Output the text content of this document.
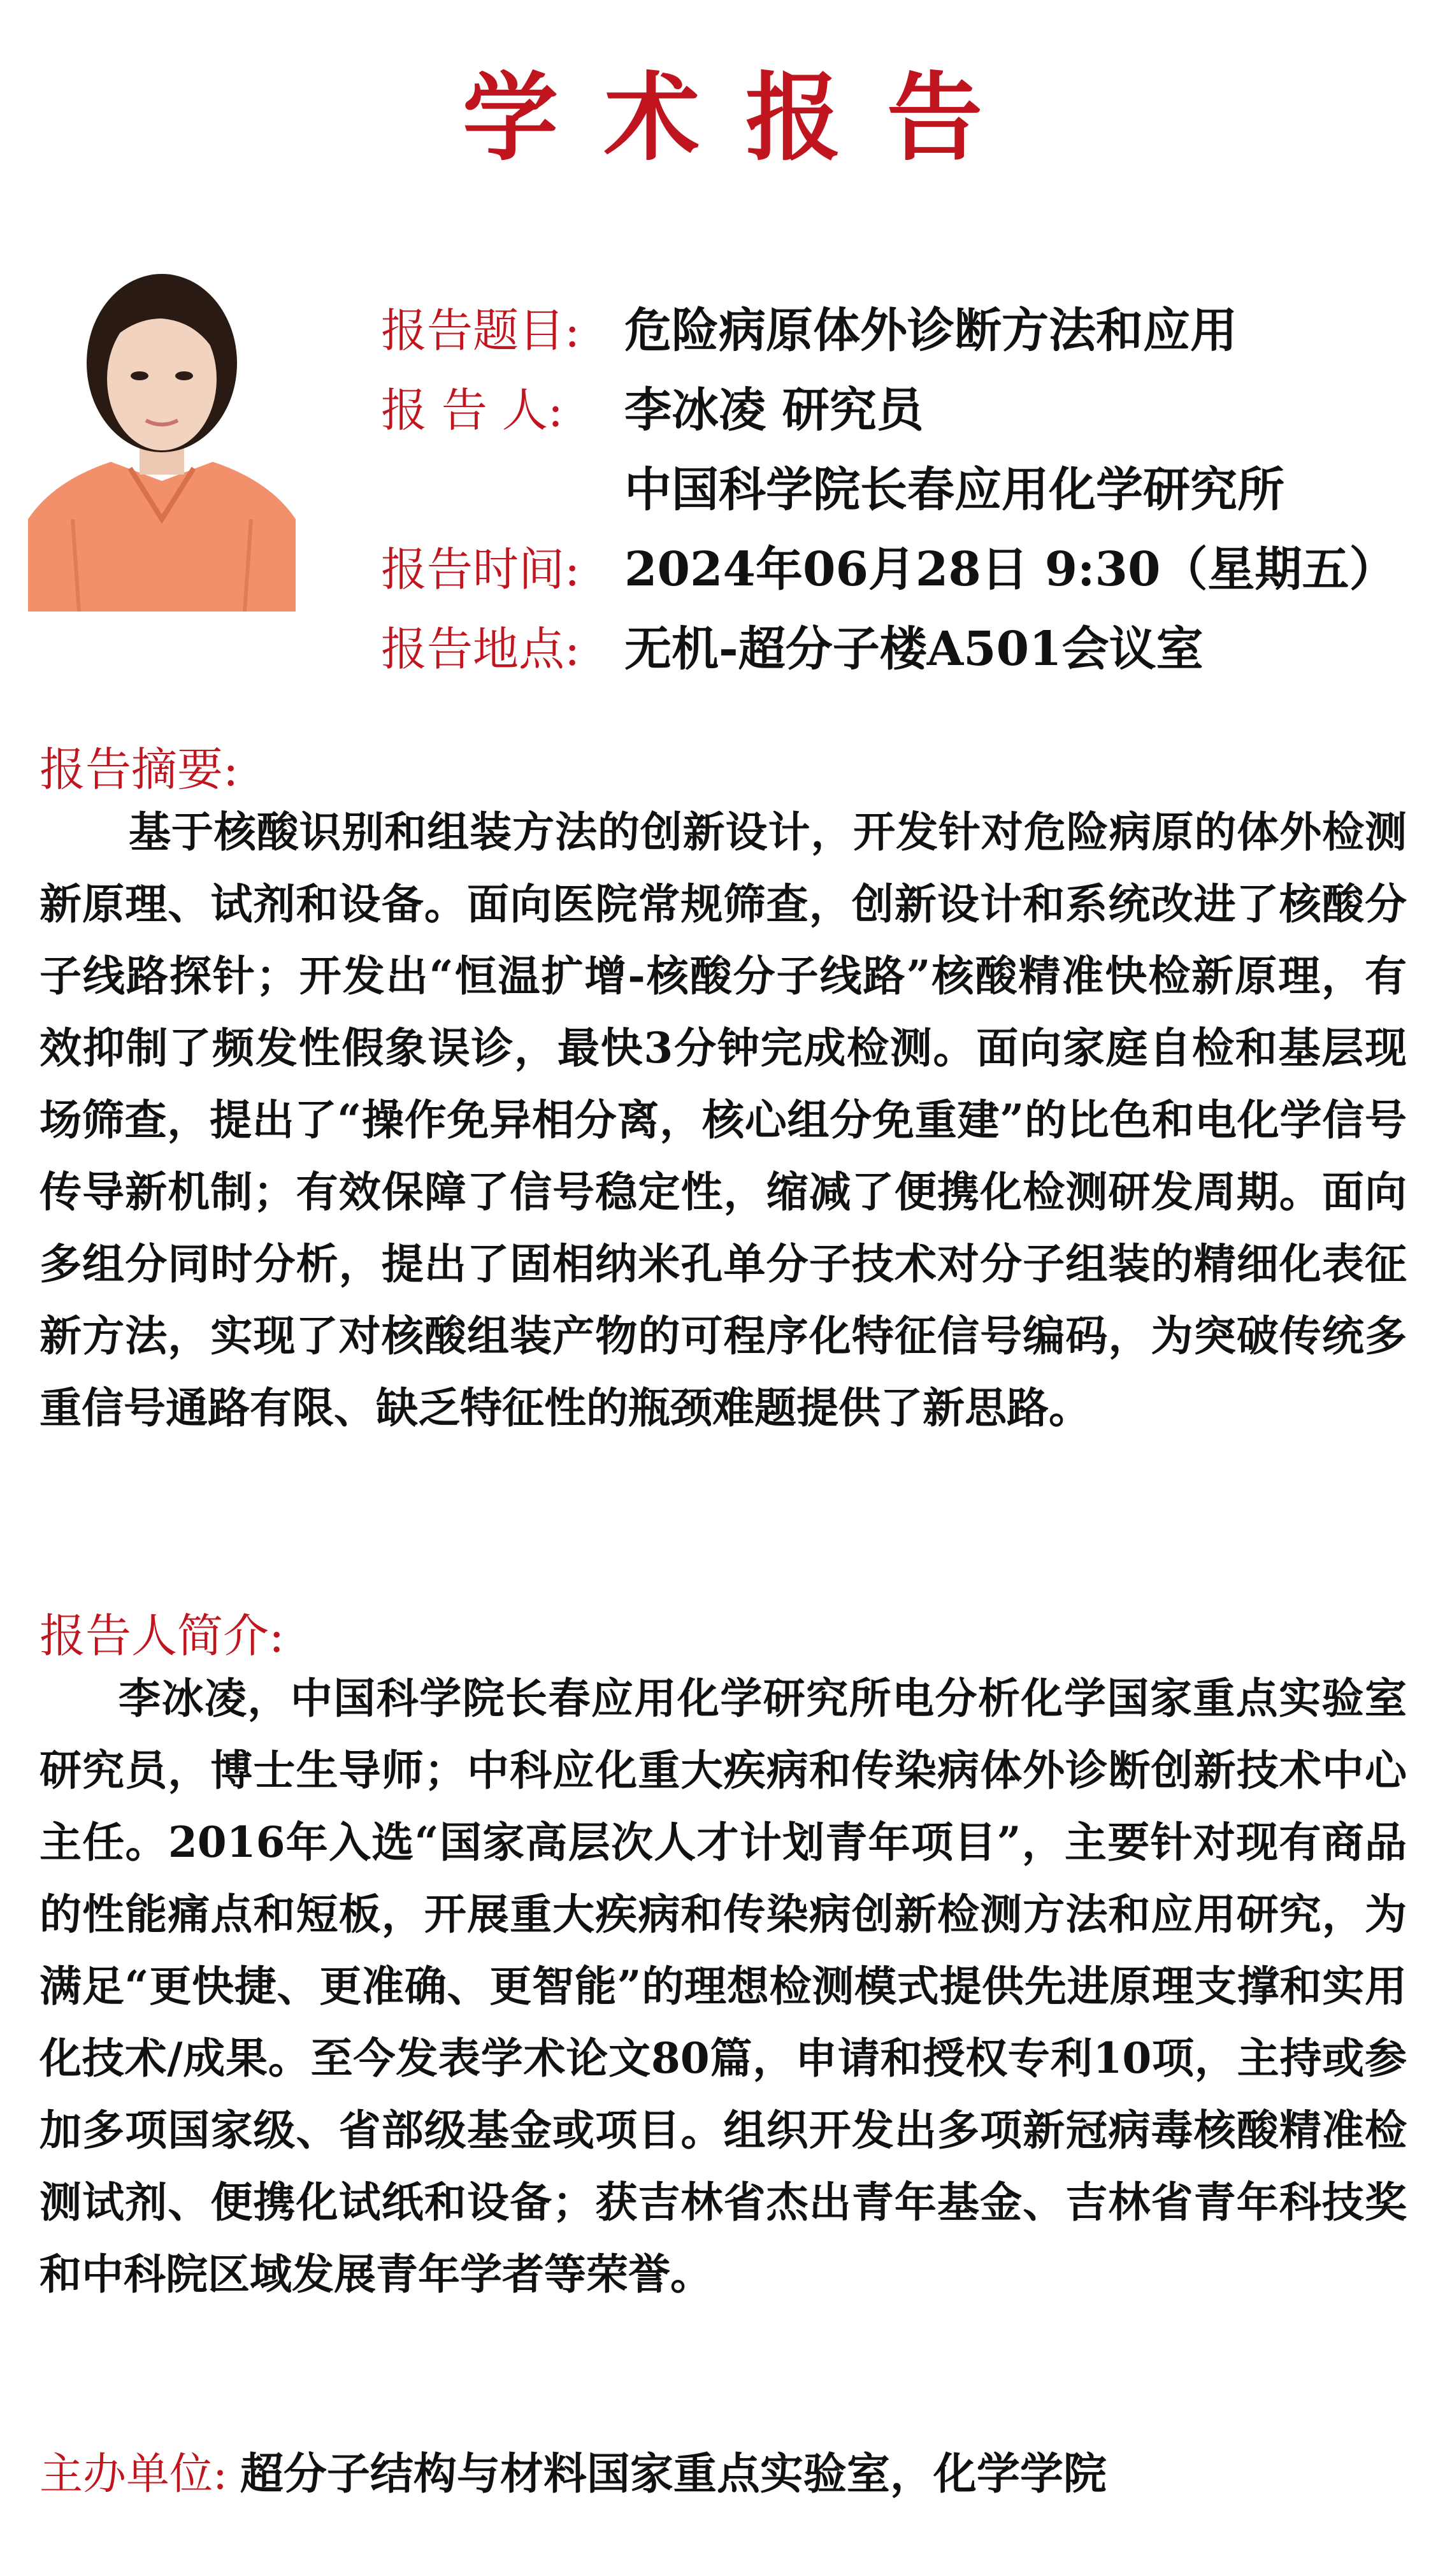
学术报告
报告题目: 危险病原体外诊断方法和应用
报 告 人:	李冰凌 研究员
中国科学院长春应用化学研究所
报告时间: 2024年06月28日 9:30（星期五）
报告地点: 无机-超分子楼A501会议室
报告摘要:
基于核酸识别和组装方法的创新设计，开发针对危险病原的体外检测新原理、试剂和设备。面向医院常规筛查，创新设计和系统改进了核酸分子线路探针；开发出“恒温扩增-核酸分子线路”核酸精准快检新原理，有效抑制了频发性假象误诊，最快3分钟完成检测。面向家庭自检和基层现场筛查，提出了“操作免异相分离，核心组分免重建”的比色和电化学信号传导新机制；有效保障了信号稳定性，缩减了便携化检测研发周期。面向多组分同时分析，提出了固相纳米孔单分子技术对分子组装的精细化表征新方法，实现了对核酸组装产物的可程序化特征信号编码，为突破传统多重信号通路有限、缺乏特征性的瓶颈难题提供了新思路。
报告人简介:
李冰凌，中国科学院长春应用化学研究所电分析化学国家重点实验室研究员，博士生导师；中科应化重大疾病和传染病体外诊断创新技术中心主任。2016年入选“国家高层次人才计划青年项目”，主要针对现有商品的性能痛点和短板，开展重大疾病和传染病创新检测方法和应用研究，为满足“更快捷、更准确、更智能”的理想检测模式提供先进原理支撑和实用化技术/成果。至今发表学术论文80篇，申请和授权专利10项，主持或参加多项国家级、省部级基金或项目。组织开发出多项新冠病毒核酸精准检测试剂、便携化试纸和设备；获吉林省杰出青年基金、吉林省青年科技奖和中科院区域发展青年学者等荣誉。
主办单位: 超分子结构与材料国家重点实验室，化学学院
